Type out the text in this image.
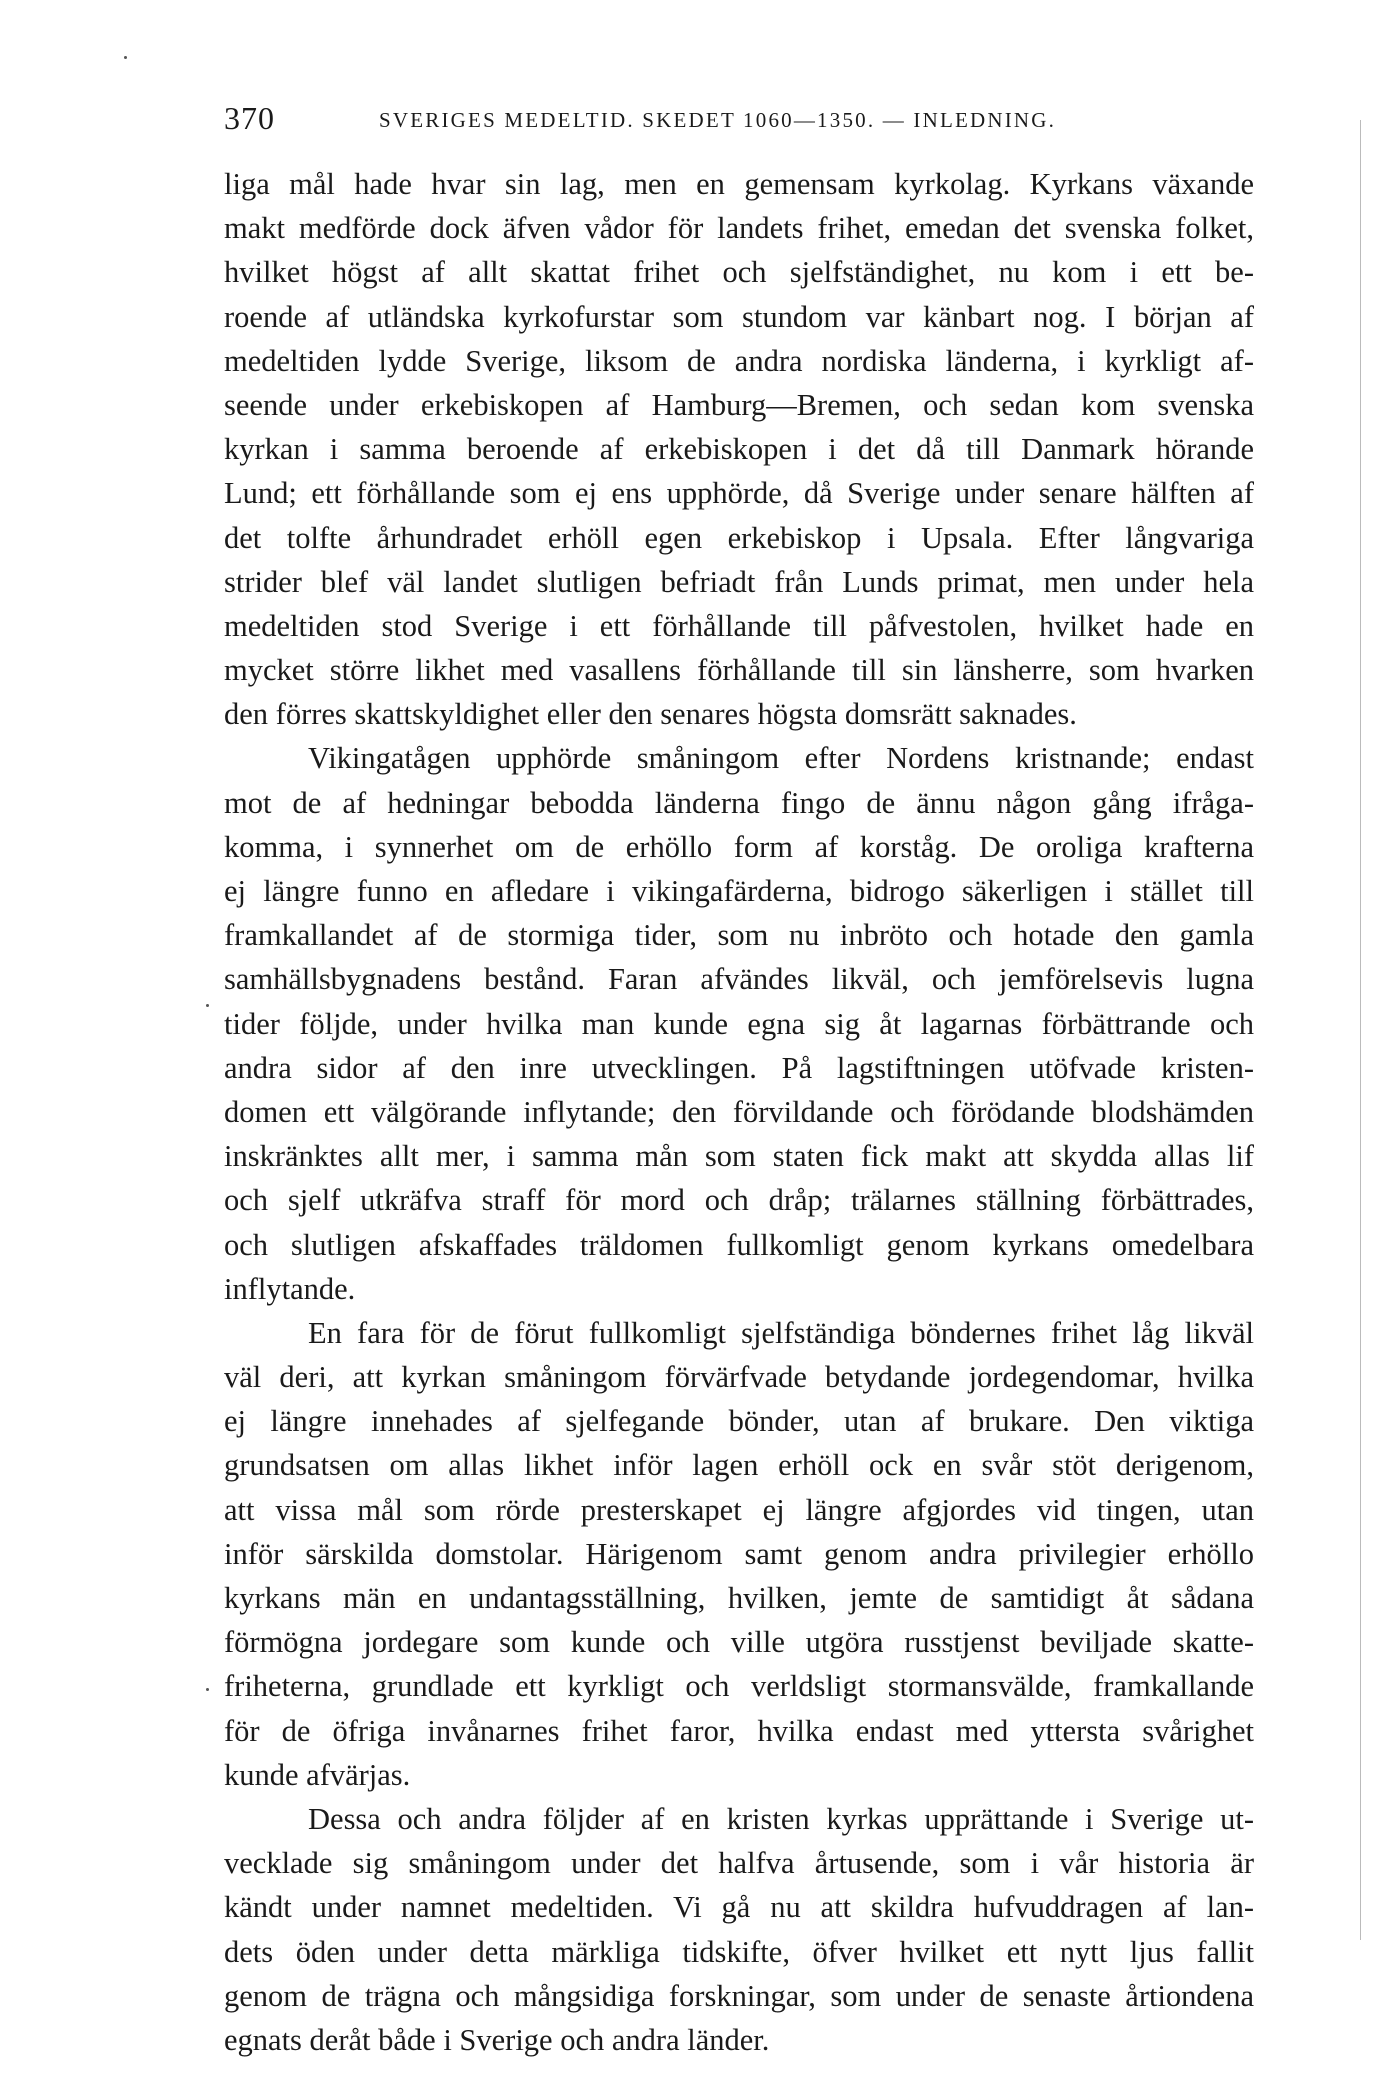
370	SVERIGES MEDELTID. SKEDET 1060—1350. — INLEDNING.
liga mål hade hvar sin lag, men en gemensam kyrkolag. Kyrkans växande
makt medförde dock äfven vådor för landets frihet, emedan det svenska folket,
hvilket högst af allt skattat frihet och sjelfständighet, nu kom i ett be-
roende af utländska kyrkofurstar som stundom var känbart nog. I början af
medeltiden lydde Sverige, liksom de andra nordiska länderna, i kyrkligt af-
seende under erkebiskopen af Hamburg—Bremen, och sedan kom svenska
kyrkan i samma beroende af erkebiskopen i det då till Danmark hörande
Lund; ett förhållande som ej ens upphörde, då Sverige under senare hälften af
det tolfte århundradet erhöll egen erkebiskop i Upsala. Efter långvariga
strider blef väl landet slutligen befriadt från Lunds primat, men under hela
medeltiden stod Sverige i ett förhållande till påfvestolen, hvilket hade en
mycket större likhet med vasallens förhållande till sin länsherre, som hvarken
den förres skattskyldighet eller den senares högsta domsrätt saknades.
Vikingatågen upphörde småningom efter Nordens kristnande; endast
mot de af hedningar bebodda länderna fingo de ännu någon gång ifråga-
komma, i synnerhet om de erhöllo form af korståg. De oroliga krafterna
ej längre funno en afledare i vikingafärderna, bidrogo säkerligen i stället till
framkallandet af de stormiga tider, som nu inbröto och hotade den gamla
samhällsbygnadens bestånd. Faran afvändes likväl, och jemförelsevis lugna
tider följde, under hvilka man kunde egna sig åt lagarnas förbättrande och
andra sidor af den inre utvecklingen. På lagstiftningen utöfvade kristen-
domen ett välgörande inflytande; den förvildande och förödande blodshämden
inskränktes allt mer, i samma mån som staten fick makt att skydda allas lif
och sjelf utkräfva straff för mord och dråp; trälarnes ställning förbättrades,
och slutligen afskaffades träldomen fullkomligt genom kyrkans omedelbara
inflytande.
En fara för de förut fullkomligt sjelfständiga böndernes frihet låg likväl
väl deri, att kyrkan småningom förvärfvade betydande jordegendomar, hvilka
ej längre innehades af sjelfegande bönder, utan af brukare. Den viktiga
grundsatsen om allas likhet inför lagen erhöll ock en svår stöt derigenom,
att vissa mål som rörde presterskapet ej längre afgjordes vid tingen, utan
inför särskilda domstolar. Härigenom samt genom andra privilegier erhöllo
kyrkans män en undantagsställning, hvilken, jemte de samtidigt åt sådana
förmögna jordegare som kunde och ville utgöra russtjenst beviljade skatte-
friheterna, grundlade ett kyrkligt och verldsligt stormansvälde, framkallande
för de öfriga invånarnes frihet faror, hvilka endast med yttersta svårighet
kunde afvärjas.
Dessa och andra följder af en kristen kyrkas upprättande i Sverige ut-
vecklade sig småningom under det halfva årtusende, som i vår historia är
kändt under namnet medeltiden. Vi gå nu att skildra hufvuddragen af lan-
dets öden under detta märkliga tidskifte, öfver hvilket ett nytt ljus fallit
genom de trägna och mångsidiga forskningar, som under de senaste årtiondena
egnats deråt både i Sverige och andra länder.
